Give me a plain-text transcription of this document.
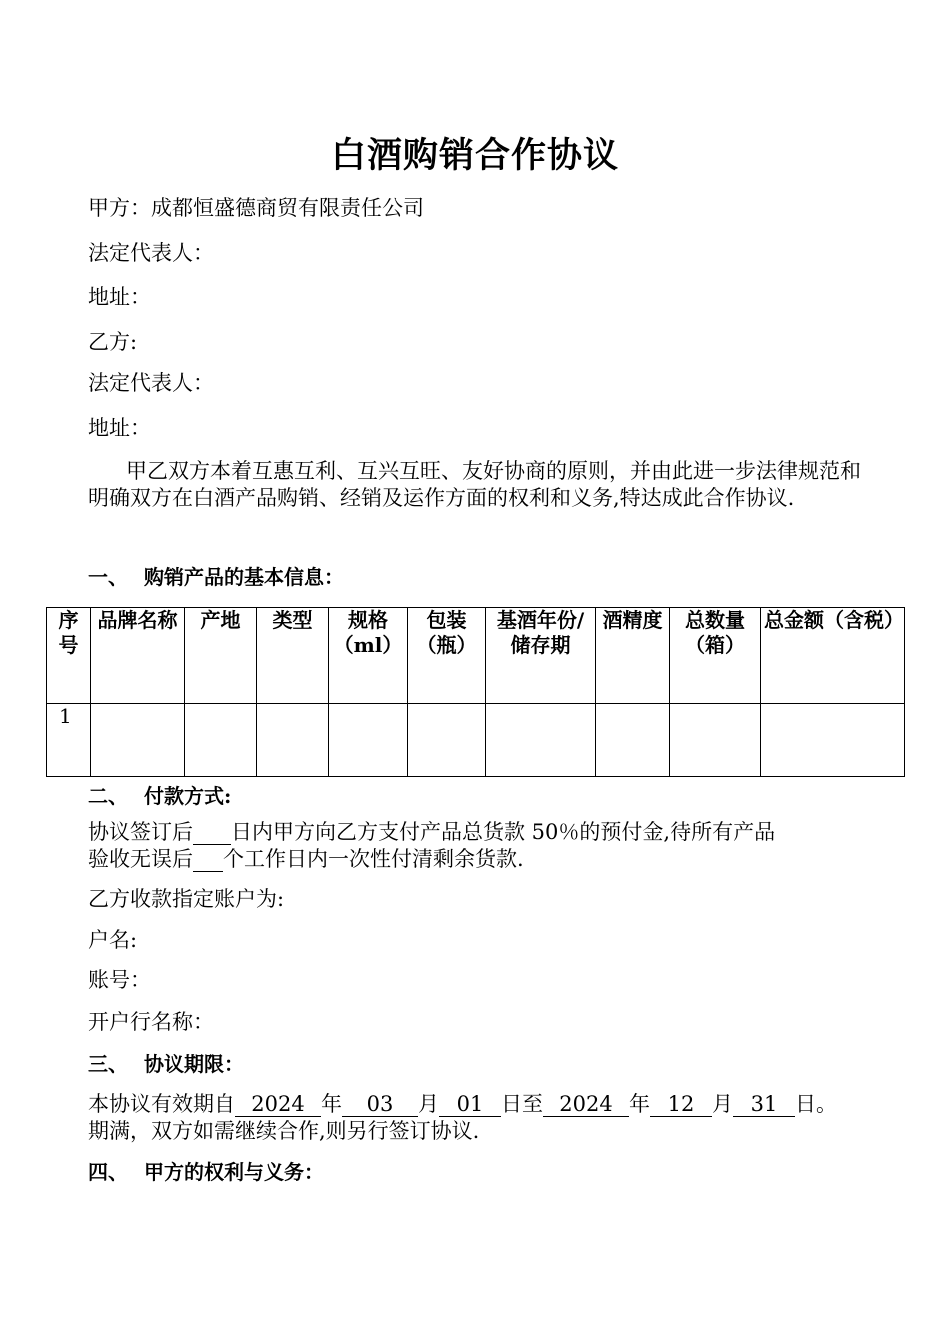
白酒购销合作协议
甲方：成都恒盛德商贸有限责任公司
法定代表人：
地址：
乙方:
法定代表人：
地址：
甲乙双方本着互惠互利、互兴互旺、友好协商的原则，并由此进一步法律规范和明确双方在白酒产品购销、经销及运作方面的权利和义务,特达成此合作协议.
一、 购销产品的基本信息：
序号	品牌名称	产地	类型	规格（ml）	包装（瓶）	基酒年份/储存期	酒精度	总数量（箱）	总金额（含税）
1									
二、 付款方式:
协议签订后 日内甲方向乙方支付产品总货款 50％的预付金,待所有产品
验收无误后 个工作日内一次性付清剩余货款.
乙方收款指定账户为:
户名:
账号：
开户行名称：
三、 协议期限：
本协议有效期自 2024 年 03 月 01 日至 2024 年 12 月 31 日。
期满，双方如需继续合作,则另行签订协议.
四、 甲方的权利与义务：
